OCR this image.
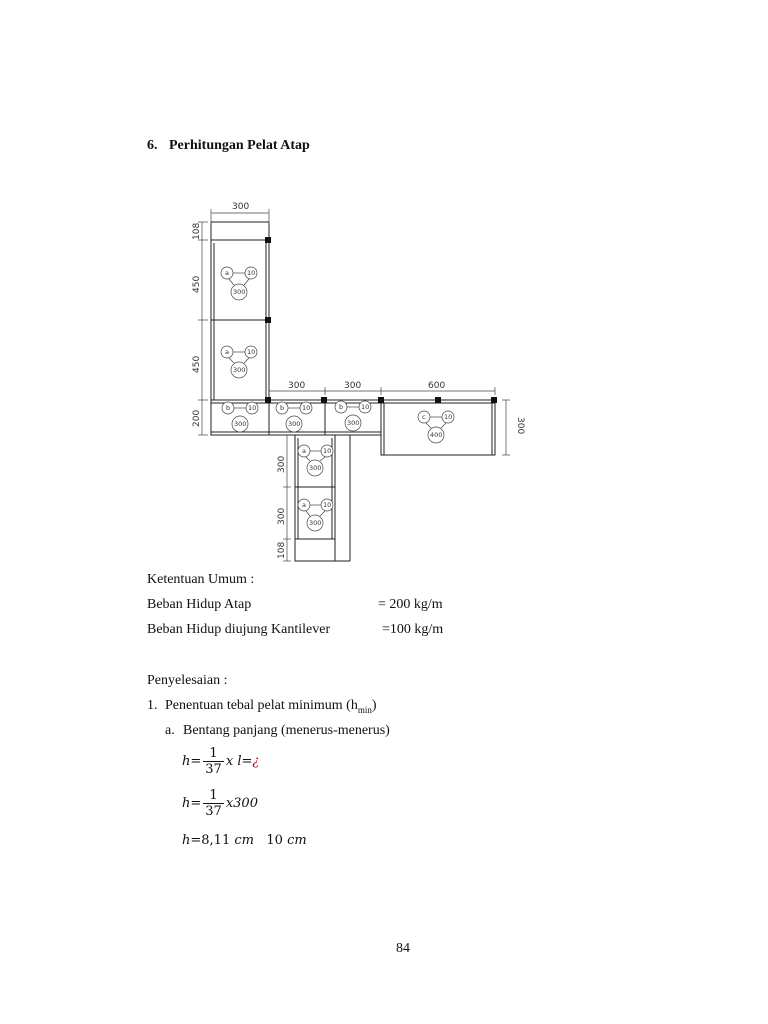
6. Perhitungan Pelat Atap
300
108
450
450
200
300	300	600
300
300
300
108
a	10
300
a	10
300
b	10
300
b	10
300
b	10
300
c	10
400
a	10
300
a	10
300
Ketentuan Umum :
Beban Hidup Atap	= 200 kg/m
Beban Hidup diujung Kantilever	=100 kg/m
Penyelesaian :
1. Penentuan tebal pelat minimum $(h_{min})$
a. Bentang panjang (menerus-menerus)
$h= \frac{1}{37}$ x l=¿
$h= \frac{1}{37} x300$
h=8,11 cm 10 cm
84
